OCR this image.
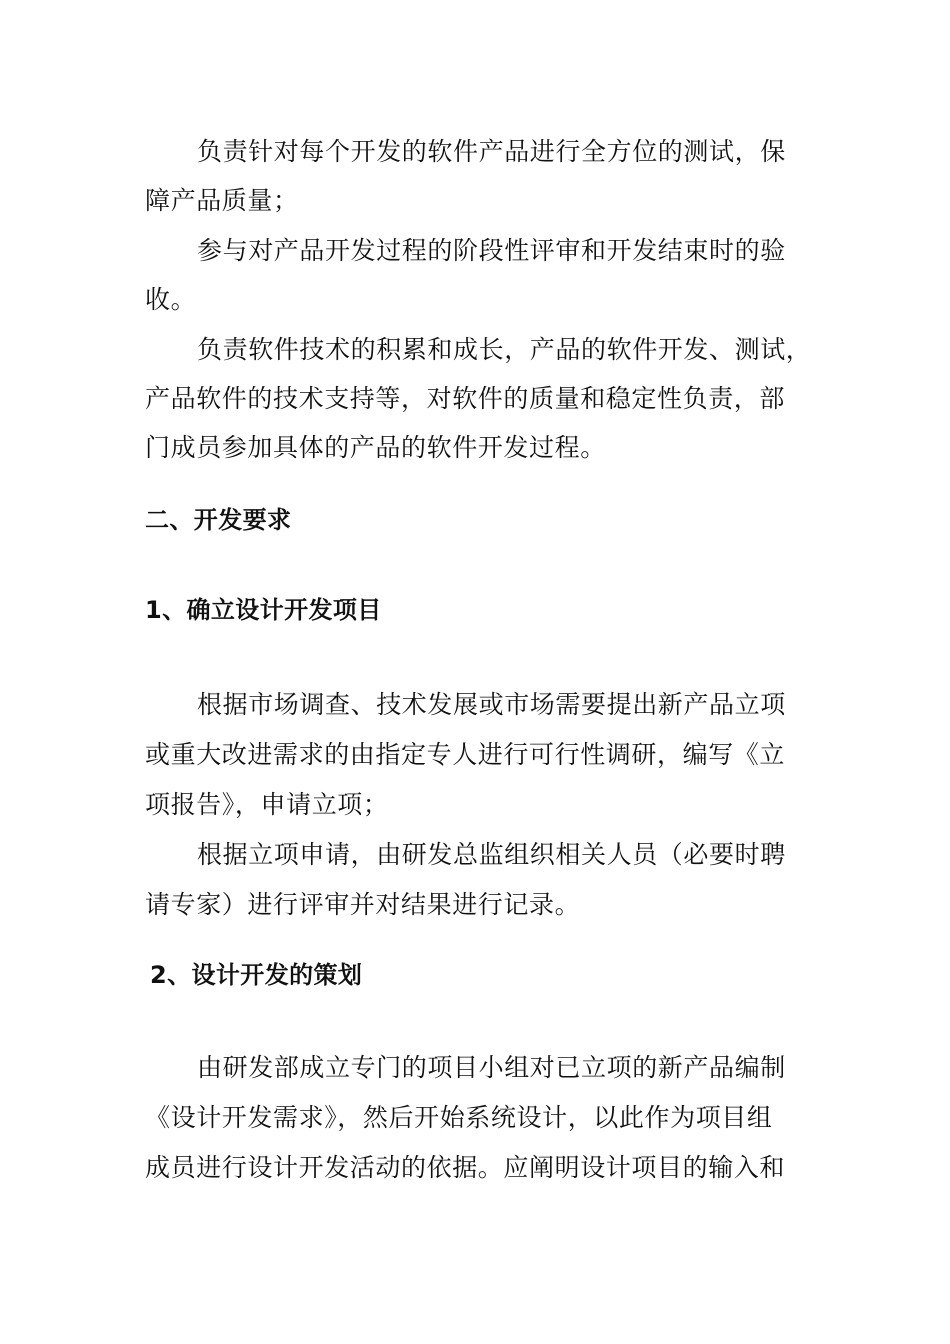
负责针对每个开发的软件产品进行全方位的测试，保
障产品质量；
参与对产品开发过程的阶段性评审和开发结束时的验
收。
负责软件技术的积累和成长，产品的软件开发、测试，
产品软件的技术支持等，对软件的质量和稳定性负责，部
门成员参加具体的产品的软件开发过程。
二、开发要求
1、确立设计开发项目
根据市场调查、技术发展或市场需要提出新产品立项
或重大改进需求的由指定专人进行可行性调研，编写《立
项报告》，申请立项；
根据立项申请，由研发总监组织相关人员（必要时聘
请专家）进行评审并对结果进行记录。
2、设计开发的策划
由研发部成立专门的项目小组对已立项的新产品编制
《设计开发需求》，然后开始系统设计，以此作为项目组
成员进行设计开发活动的依据。应阐明设计项目的输入和
